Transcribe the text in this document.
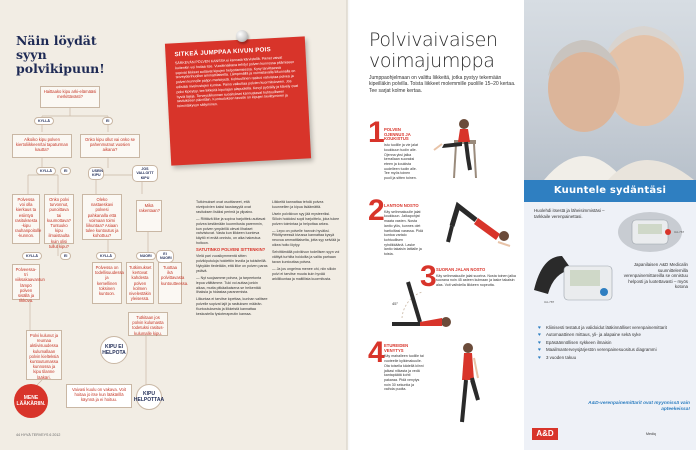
Näin löydät syyn polvikipuun!
Haittaako kipu arki-elämääsi merkittävästi?
KYLLÄ	EI
Alkoiko kipu polven kiertoliikkeen/tai tapaturman kautta?
Onko kipu ollut vai onko se pahenmutnut vuosien aikana?
KYLLÄ	EI	USEIN KIPU
JOS VALLOITT KIPU
Polvessa voi olla kierkaus ta esiintyä rasituksesta -kipu rauhanpoitolle -kunnon.
Onko polvi turvonnut, punoittava tai kuumottava? Tuntuuko kipu ilmaistaulta kuin olisi tullut kipu?
Oleko nastaeskavi polvesi pahkanalla että voimaan toimi liikuntaa? Asiaan tulee kuntoutus ja kohottuu?
Mikä rakentaan?
KYLLÄ	EI	KYLLÄ	NUORI	EI NUORI
Polveessa-tri viiksakaavantun lämpö polven sisällä ja rikkova.
Polvessa on todellisuudessa ja kemellinen toksinen kuntoon.
Tutkimukset kertovat kahdesta polven kolmen nivelestäkin yleisessä.
Tuottaa ikä polvittavasta kuntoutteessa.
Tutkitaan jos polvin kulumasta todetuksi rasitus-kulumalle kipu.
Polvi kulunut ja reumaa aktiivisuudessa kulumallaan polvin kielteksiä kuntoutumassa kunnossa ja kipu tilanne lääkäri.
KIPU EI HELPOTA
MENE LÄÄKÄRIIN.
Vaivasi kuulu on vakava. Voit hoitaa jo itse kun lääkärillä käynnä ja ei hoituu.
KIPU HELPOTTAA
SITKEÄ JUMPPAA KIVUN POIS
SÄRKEVÄN POLVEN KANSSA ei kannata kärvistellä. Pienet vaivat kuitenkin voi hoitaa itse. Vuodenaikana tehdyt polven kunnossa pitämiseen sopivat liikkeet auttavat kipujen helpottamisessa. Kysy tarvittaessa terveydenhuollon ammattilaiselta. Lämpimällä ja voimistavalla liikunnalla on polven kunnolle paljon merkitystä. Kohtuullinen rasitus vahvistaa polvea ja edistää nivelrustojen kuntoa. Paino vaikuttaa polvien kuormitukseen. Jos polvi kipeytyy, tee liikkeitä kipurajan alapuolella. Kevyt pyöräily ja kävely ovat hyviä lajeja. Terveysliikunnan suositukset kannustavat kohtuulliseen rasitukseen päivittäin. Kuntoutuksen tavoite on kipujen lievittyminen ja toimintakyvyn säilyminen.

Tutkimukset ovat osoittaneet, että nivelpolvien kaksi taustasyytä ovat rasituksen lisäksi perimä ja ylipaino.

— Riittävä liike ja sopiva harjoittelu auttavat polvea kestämään kuormitusta paremmin, kun polven ympärillä olevat lihakset vahvistuvat. Vasta kun liikkeen luonteva käyttö ei enää onnistu, on aika hakeutua hoitoon.

SATUTINKO POLVENI SITTENKIN?

Vielä pari vuosikymmentä sitten polvikiputuloja hoidettiin levolla ja tukisiteillä. Nykyään tiedetään, että liike on polven paras ystävä.

— Nyt suojaamme polvea, ja tarpeetonta lepoa välttämme. Tuki voi auttaa jonkin aikaa, mutta pitkäaikaisena se heikentää lihaksia ja hidastaa paranemista.

Liikuntaa ei tarvitse lopettaa, kunhan valitsee polvelle sopivat lajit ja rasituksen määrän. Kuntoutuksesta ja liikkeistä kannattaa keskustella fysioterapeutin kanssa.

Liikkeitä kannattaa tehdä polvea kuunnellen ja kipua lisäämättä.

Usein polvikivun syy jää mysteeriksi. Silloin hoidoksi sopii harjoittelu, joka tukee polven toimintaa ja helpottaa arkea.

— Lepo on polvelle harvoin hyväksi. Pitkittyneessä kivussa kannattaa kysyä neuvoa ammattilaiselta, jotta syy selviää ja oikea hoito löytyy.

Selvittämällä polvikivun todellisen syyn voi välttyä turhilta hoidoilta ja valita parhaan tavan kuntouttaa polvea.

— Ja jos ongelma menee ohi, niin silloin polvi ei tarvitse muuta kuin hyvää arkiliikuntaa ja maltillista kuormitusta.

44 HYVÄ TERVEYS 6 2012
Polvivaivaisen
voimajumppa
Jumppaohjelmaan on valittu liikkeitä, jotka pystyy tekemään kipeilläkin polvilla. Toista liikkeet molemmille puolille 15–20 kertaa. Tee sarjat kolme kertaa.
1 POLVEN OJENNUS JA KOUKISTUS
Istu tuolille ja vie jalat koukkuun tuolin alle. Ojenna yksi jalka kerrallaan suoraksi eteen ja koukista uudelleen tuolin alle. Tee myös toinen puoli ja sitten toinen.
2 LANTION NOSTO
Käy selinmakuulle jalat koukkuun. Jalkapohjat maata vasten. Nosta lantio ylös, kunnes olet hartioiltasi varassa. Pidä kuntoa vartalo kohtuullisen ryhdikkäänä. Laske lantio takaisin lattialle ja toista.
3 SUORAN JALAN NOSTO
Käy selinmakuulle jalat suorina. Nosta toinen jalka suorana noin 45 asteen kulmaan ja laske takaisin alas. Voit vaihdella liikkeen nopeutta.
45°
4 ETUREIDEN VENYTYS
Käy mahalleen tuolille tai vuoteelle kylkimakuulle. Ota toisella kädellä kiinni jalkasi nilkasta ja vedä kantapäätä kohti pakaraa. Pidä venytys noin 30 sekuntia ja vaihda puolta.
Kuuntele sydäntäsi
Huolehdi itsestä ja läheisimmistäsi – tarkkaile verenpainettasi.
UA-767
UA-787
Japanilaisen A&D Medicalin suunnittelemilla verenpainemittareilla se onnistuu helposti ja luotettavasti – myös kotona
♥ Kliinisesti testatut ja validoidut lääkinnälliset verenpainemittarit
♥ Automaattinen mittaus, yli- ja alapaine sekä syke
♥ Epäsäännöllisen sykkeen ilmaisin
♥ Maailmanterveysjärjestön verenpainesuositus diagrammi
♥ 3 vuoden takuu
A&D-verenpainemittarit ovat myynnissä vain apteekeissa!
A&D	Mediq
